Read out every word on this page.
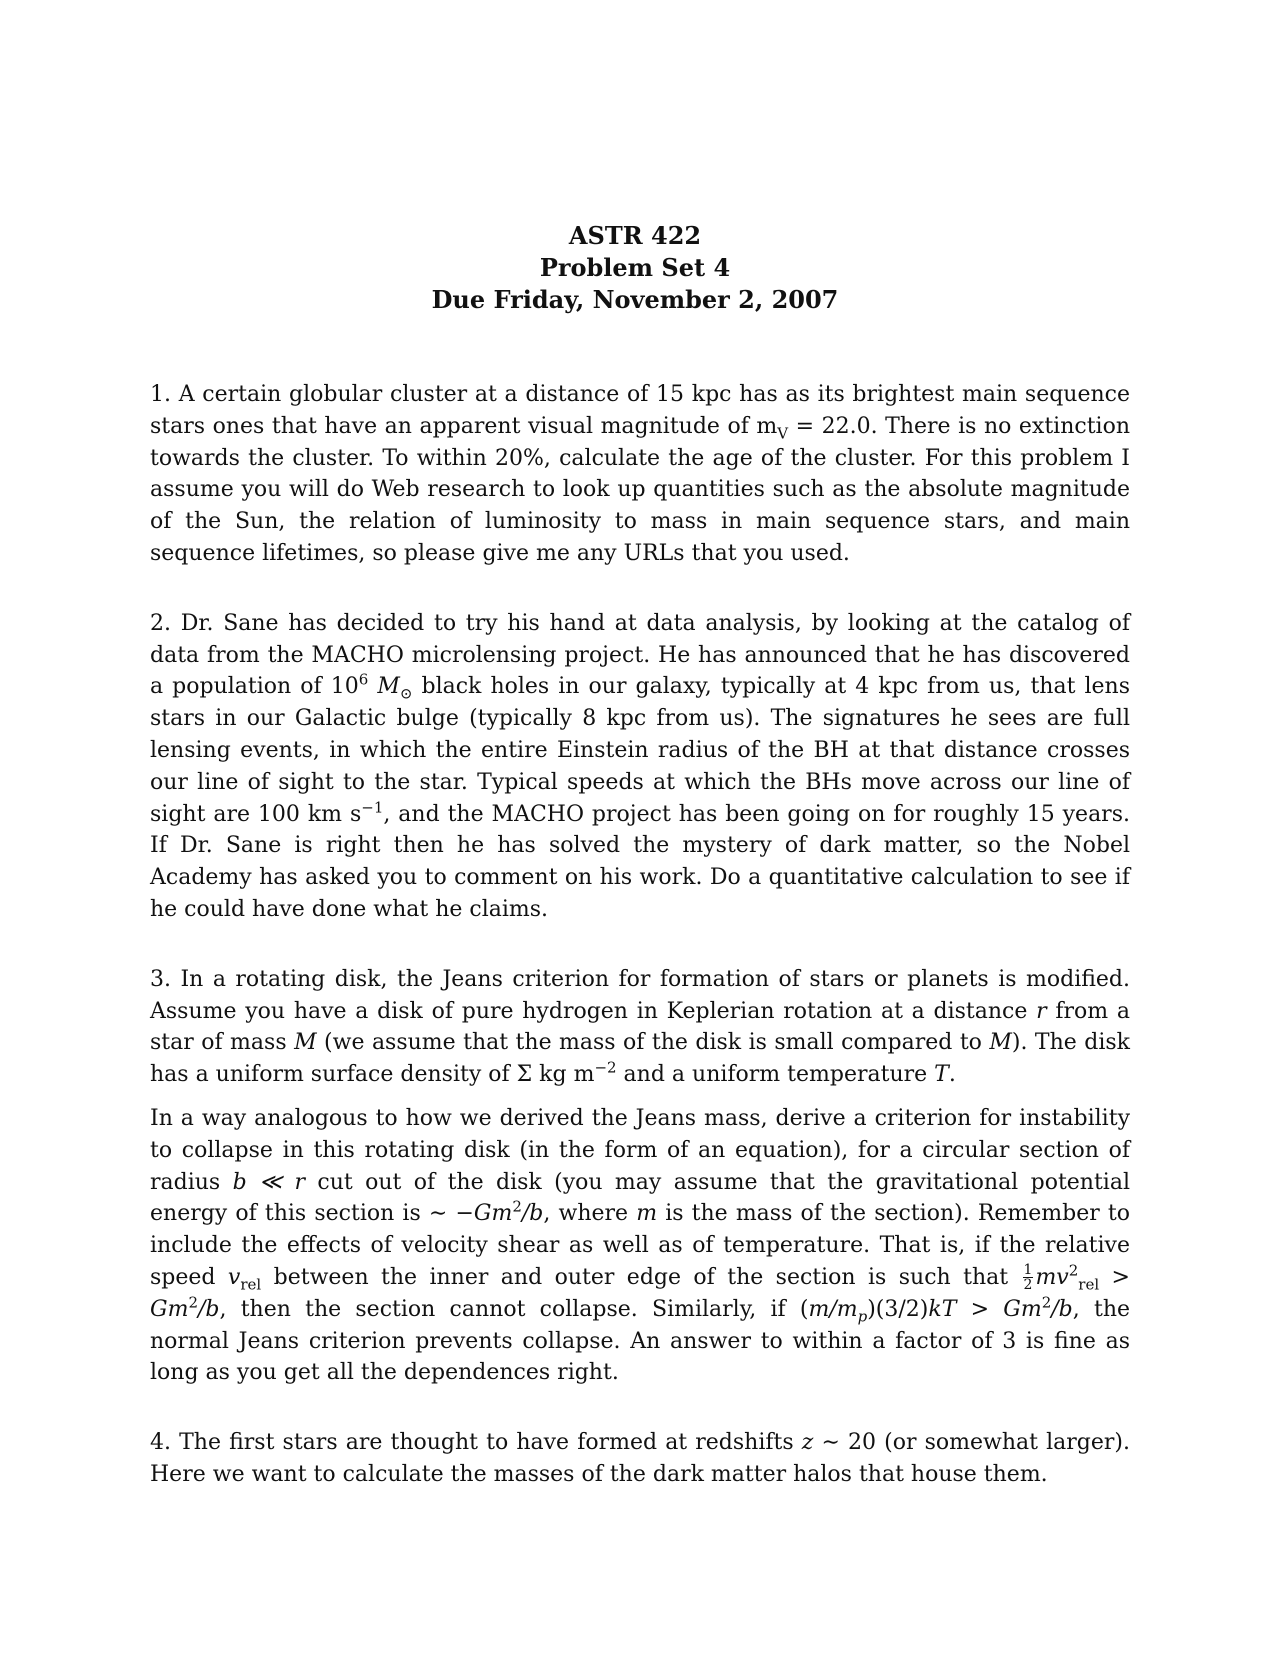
ASTR 422
Problem Set 4
Due Friday, November 2, 2007

1. A certain globular cluster at a distance of 15 kpc has as its brightest main sequence stars ones that have an apparent visual magnitude of $m_V = 22.0$. There is no extinction towards the cluster. To within 20%, calculate the age of the cluster. For this problem I assume you will do Web research to look up quantities such as the absolute magnitude of the Sun, the relation of luminosity to mass in main sequence stars, and main sequence lifetimes, so please give me any URLs that you used.

2. Dr. Sane has decided to try his hand at data analysis, by looking at the catalog of data from the MACHO microlensing project. He has announced that he has discovered a population of $10^6$ $M_⊙$ black holes in our galaxy, typically at 4 kpc from us, that lens stars in our Galactic bulge (typically 8 kpc from us). The signatures he sees are full lensing events, in which the entire Einstein radius of the BH at that distance crosses our line of sight to the star. Typical speeds at which the BHs move across our line of sight are 100 km $s^{-1}$, and the MACHO project has been going on for roughly 15 years. If Dr. Sane is right then he has solved the mystery of dark matter, so the Nobel Academy has asked you to comment on his work. Do a quantitative calculation to see if he could have done what he claims.

3. In a rotating disk, the Jeans criterion for formation of stars or planets is modified. Assume you have a disk of pure hydrogen in Keplerian rotation at a distance r from a star of mass M (we assume that the mass of the disk is small compared to M). The disk has a uniform surface density of Σ kg $m^{-2}$ and a uniform temperature T.

In a way analogous to how we derived the Jeans mass, derive a criterion for instability to collapse in this rotating disk (in the form of an equation), for a circular section of radius b ≪ r cut out of the disk (you may assume that the gravitational potential energy of this section is ∼ $-Gm^2/b$, where m is the mass of the section). Remember to include the effects of velocity shear as well as of temperature. That is, if the relative speed $v_{rel}$ between the inner and outer edge of the section is such that $\frac{1}{2} mv^2_{rel} > Gm^2/b$, then the section cannot collapse. Similarly, if $(m/m_p)(3/2)kT > Gm^2/b$, the normal Jeans criterion prevents collapse. An answer to within a factor of 3 is fine as long as you get all the dependences right.

4. The first stars are thought to have formed at redshifts z ∼ 20 (or somewhat larger). Here we want to calculate the masses of the dark matter halos that house them.
